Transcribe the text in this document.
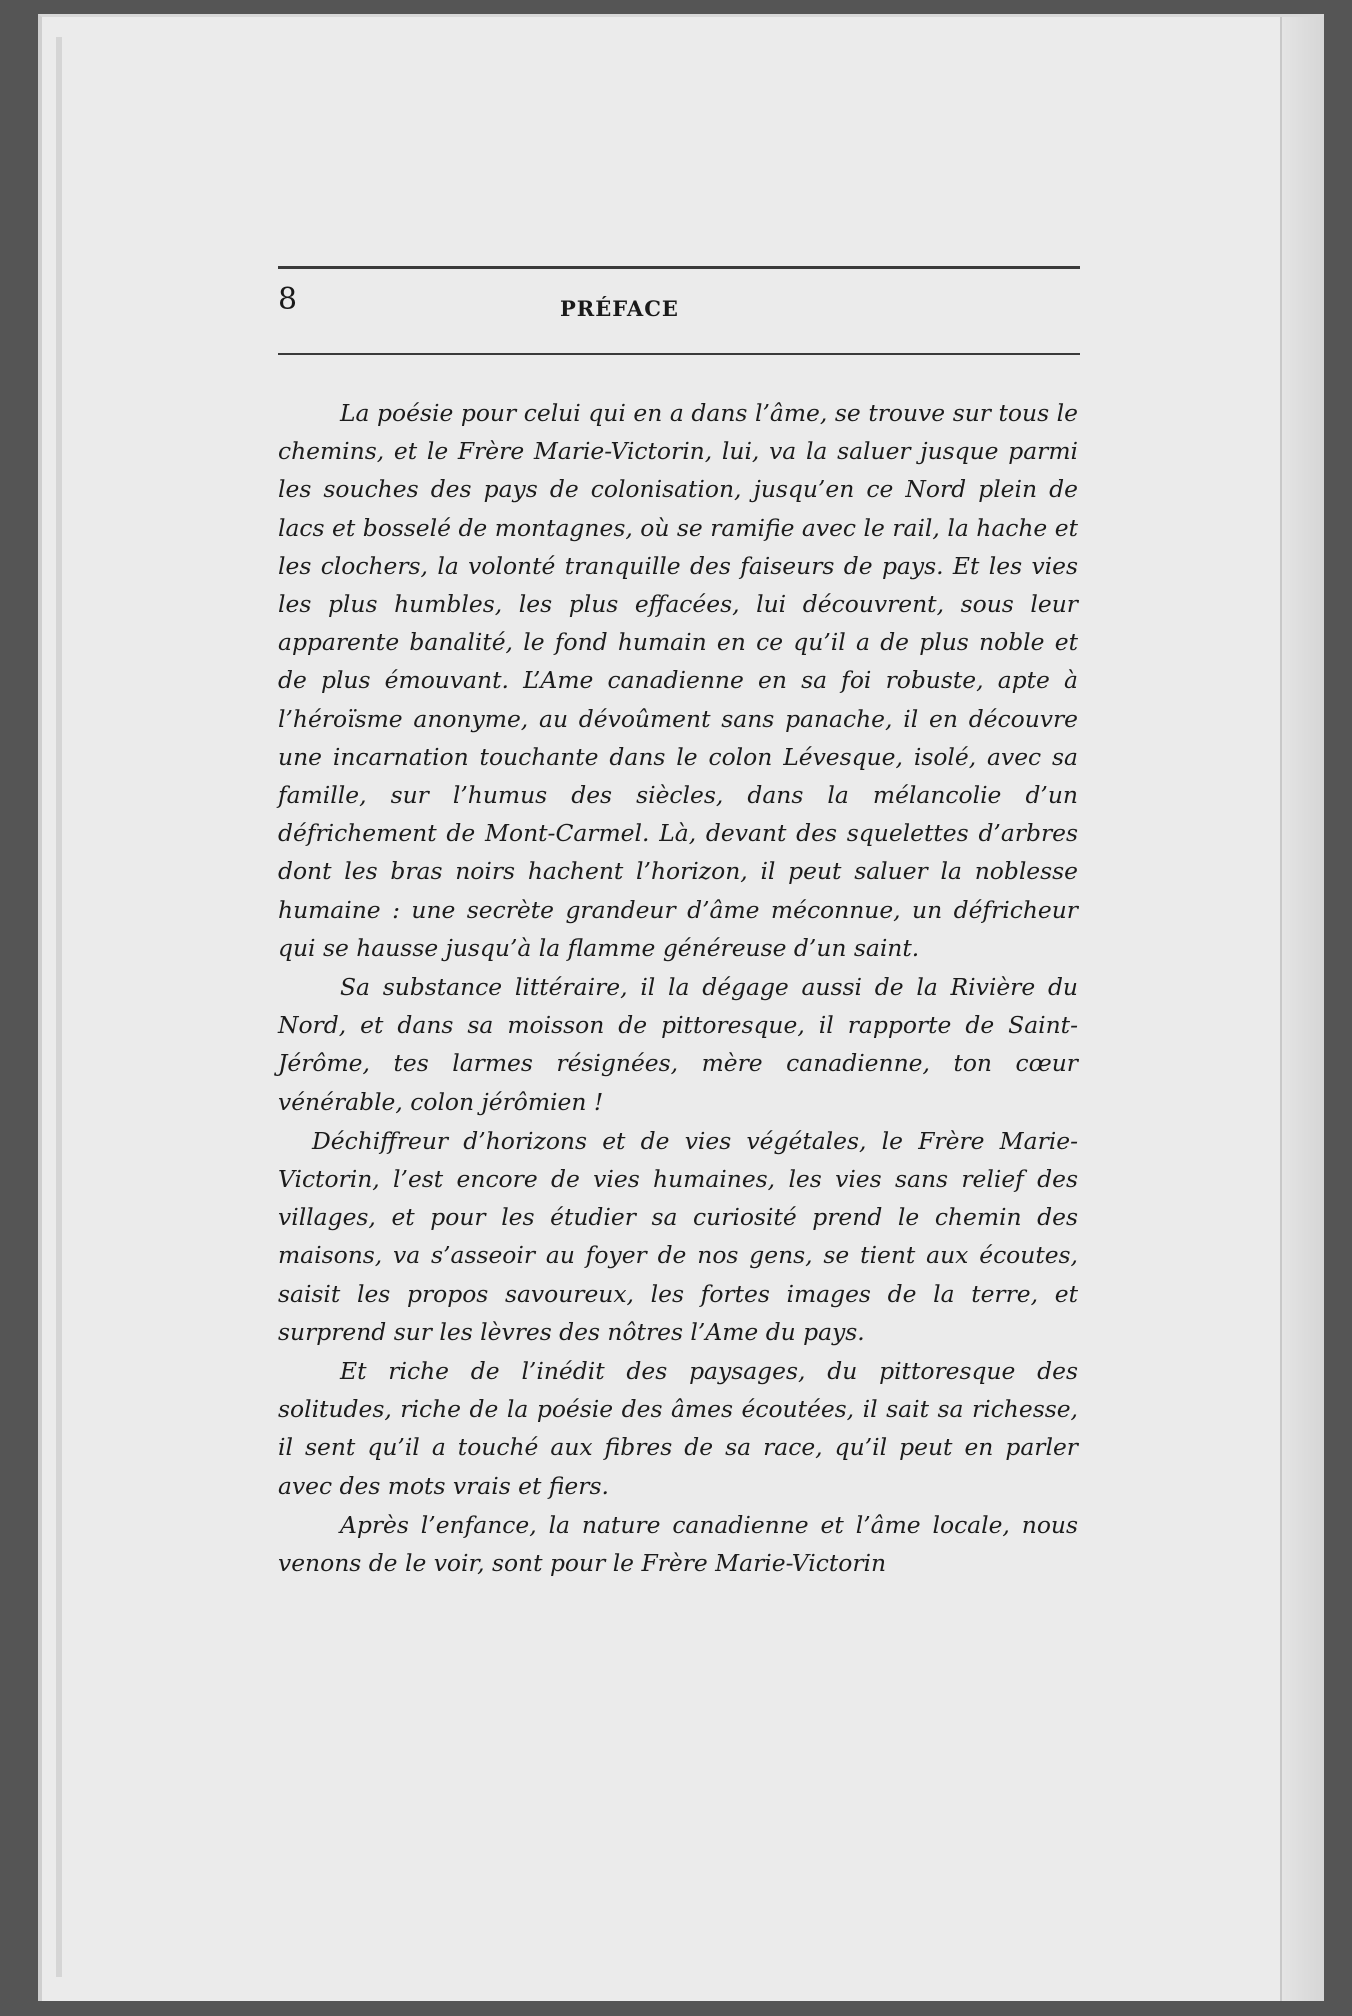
8	PRÉFACE

La poésie pour celui qui en a dans l’âme, se trouve sur tous le chemins, et le Frère Marie-Victorin, lui, va la saluer jusque parmi les souches des pays de colonisation, jusqu’en ce Nord plein de lacs et bosselé de montagnes, où se ramifie avec le rail, la hache et les clochers, la volonté tranquille des faiseurs de pays. Et les vies les plus humbles, les plus effacées, lui découvrent, sous leur apparente banalité, le fond humain en ce qu’il a de plus noble et de plus émouvant. L’Ame canadienne en sa foi robuste, apte à l’héroïsme anonyme, au dévoûment sans panache, il en découvre une incarnation touchante dans le colon Lévesque, isolé, avec sa famille, sur l’humus des siècles, dans la mélancolie d’un défrichement de Mont-Carmel. Là, devant des squelettes d’arbres dont les bras noirs hachent l’horizon, il peut saluer la noblesse humaine : une secrète grandeur d’âme méconnue, un défricheur qui se hausse jusqu’à la flamme généreuse d’un saint.

Sa substance littéraire, il la dégage aussi de la Rivière du Nord, et dans sa moisson de pittoresque, il rapporte de Saint-Jérôme, tes larmes résignées, mère canadienne, ton cœur vénérable, colon jérômien !

Déchiffreur d’horizons et de vies végétales, le Frère Marie-Victorin, l’est encore de vies humaines, les vies sans relief des villages, et pour les étudier sa curiosité prend le chemin des maisons, va s’asseoir au foyer de nos gens, se tient aux écoutes, saisit les propos savoureux, les fortes images de la terre, et surprend sur les lèvres des nôtres l’Ame du pays.

Et riche de l’inédit des paysages, du pittoresque des solitudes, riche de la poésie des âmes écoutées, il sait sa richesse, il sent qu’il a touché aux fibres de sa race, qu’il peut en parler avec des mots vrais et fiers.

Après l’enfance, la nature canadienne et l’âme locale, nous venons de le voir, sont pour le Frère Marie-Victorin
